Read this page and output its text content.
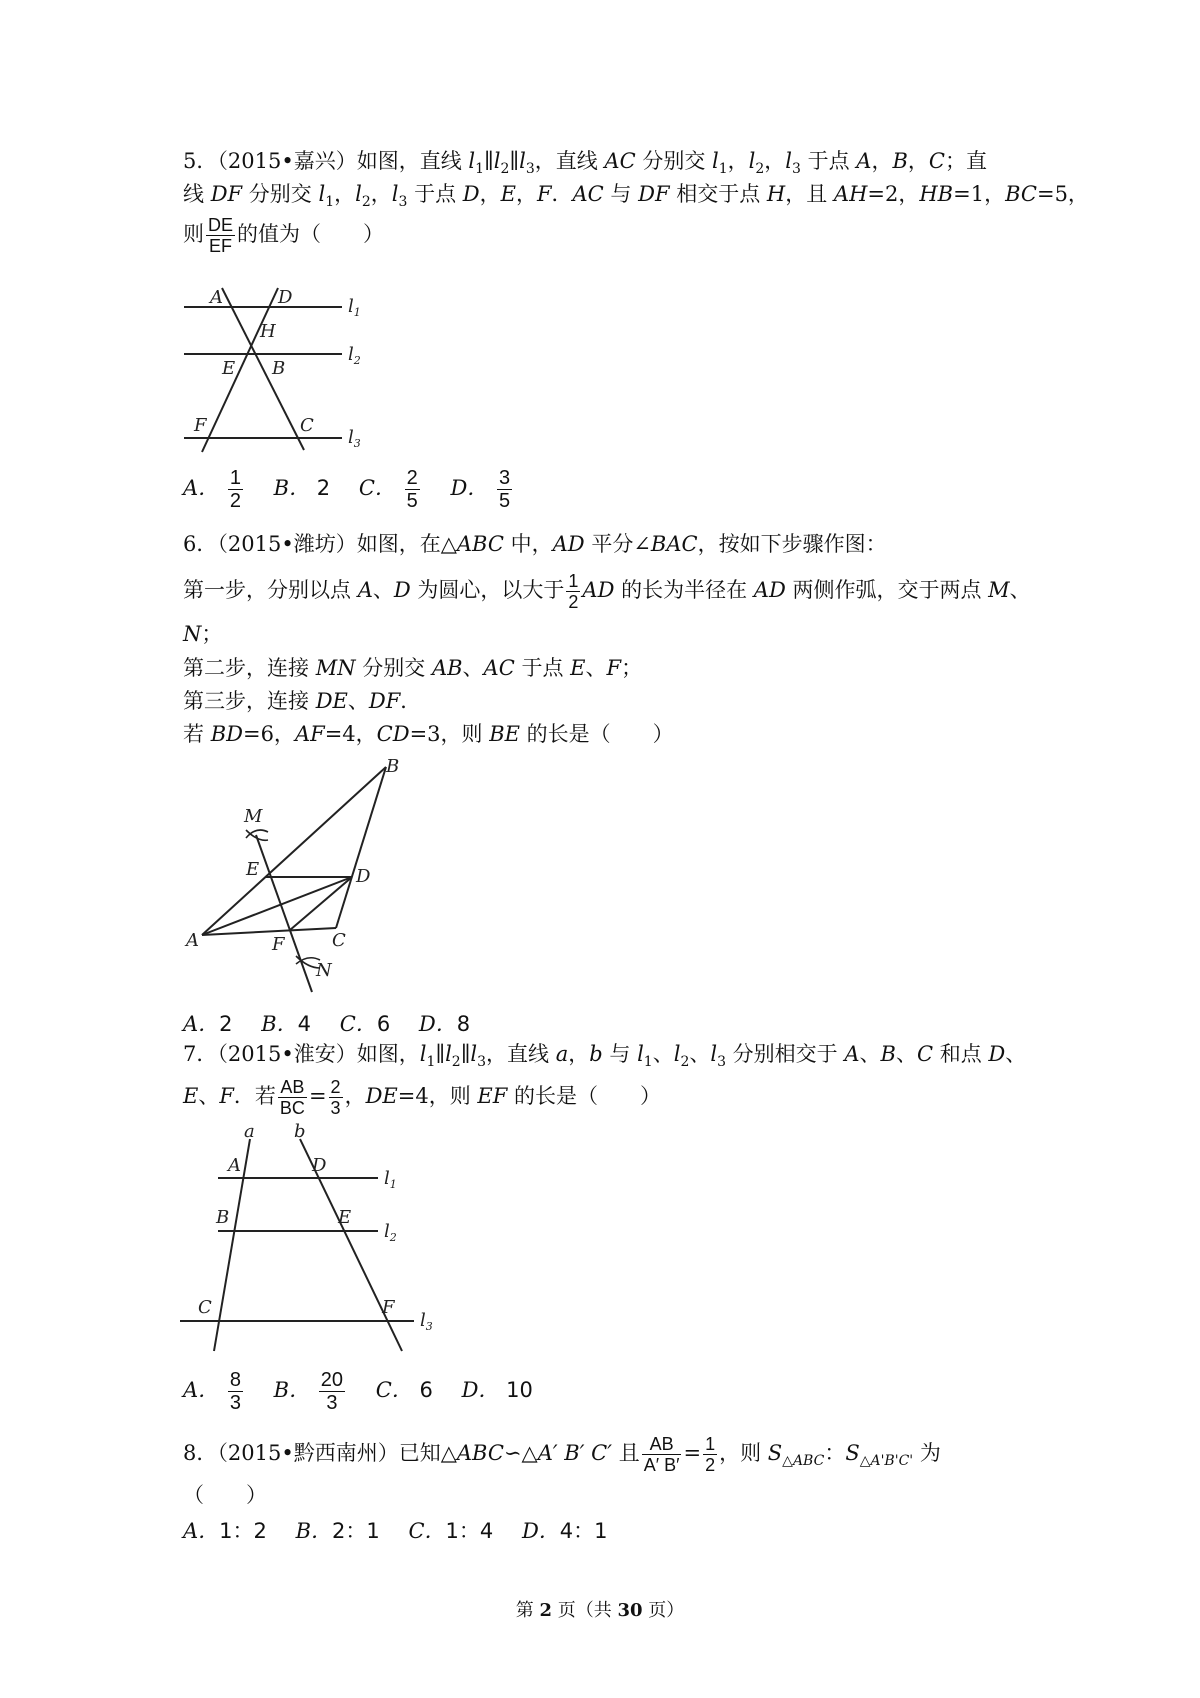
5．（2015•嘉兴）如图，直线 $l_1\parallel l_2\parallel l_3$，直线 AC 分别交 $l_1$，$l_2$，$l_3$ 于点 A，B，C；直
线 DF 分别交 $l_1$，$l_2$，$l_3$ 于点 D，E，F．AC 与 DF 相交于点 H，且 AH=2，HB=1，BC=5，
则 $\frac{DE}{EF}$ 的值为（　　）
A	D
H
E B
F	C
$l_1$
$l_2$
$l_3$
A． $\frac{1}{2}$ B． 2 C． $\frac{2}{5}$ D． $\frac{3}{5}$
6．（2015•潍坊）如图，在△ABC 中，AD 平分∠BAC，按如下步骤作图：
第一步，分别以点 A、D 为圆心，以大于 $\frac{1}{2}$ AD 的长为半径在 AD 两侧作弧，交于两点 M、
N；
第二步，连接 MN 分别交 AB、AC 于点 E、F；
第三步，连接 DE、DF．
若 BD=6，AF=4，CD=3，则 BE 的长是（　　）
B
M
E	D
A	F	C
N
A．2 B．4 C．6 D．8
7．（2015•淮安）如图，$l_1\parallel l_2\parallel l_3$，直线 a，b 与 $l_1$、$l_2$、$l_3$ 分别相交于 A、B、C 和点 D、
E、F．若 $\frac{AB}{BC} = \frac{2}{3}$ ，DE=4，则 EF 的长是（　　）
a b
A	D
B	E
C	F
$l_1$
$l_2$
$l_3$
A． $\frac{8}{3}$ B． $\frac{20}{3}$ C． 6 D． 10
8．（2015•黔西南州）已知△ABC∽△A′ B′ C′ 且 $\frac{AB}{A' B'} = \frac{1}{2}$ ，则 $S_{\triangle ABC}$：$S_{\triangle A'B'C'}$ 为
（　　）
A．1：2 B．2：1 C．1：4 D．4：1
第 2 页（共 30 页）
